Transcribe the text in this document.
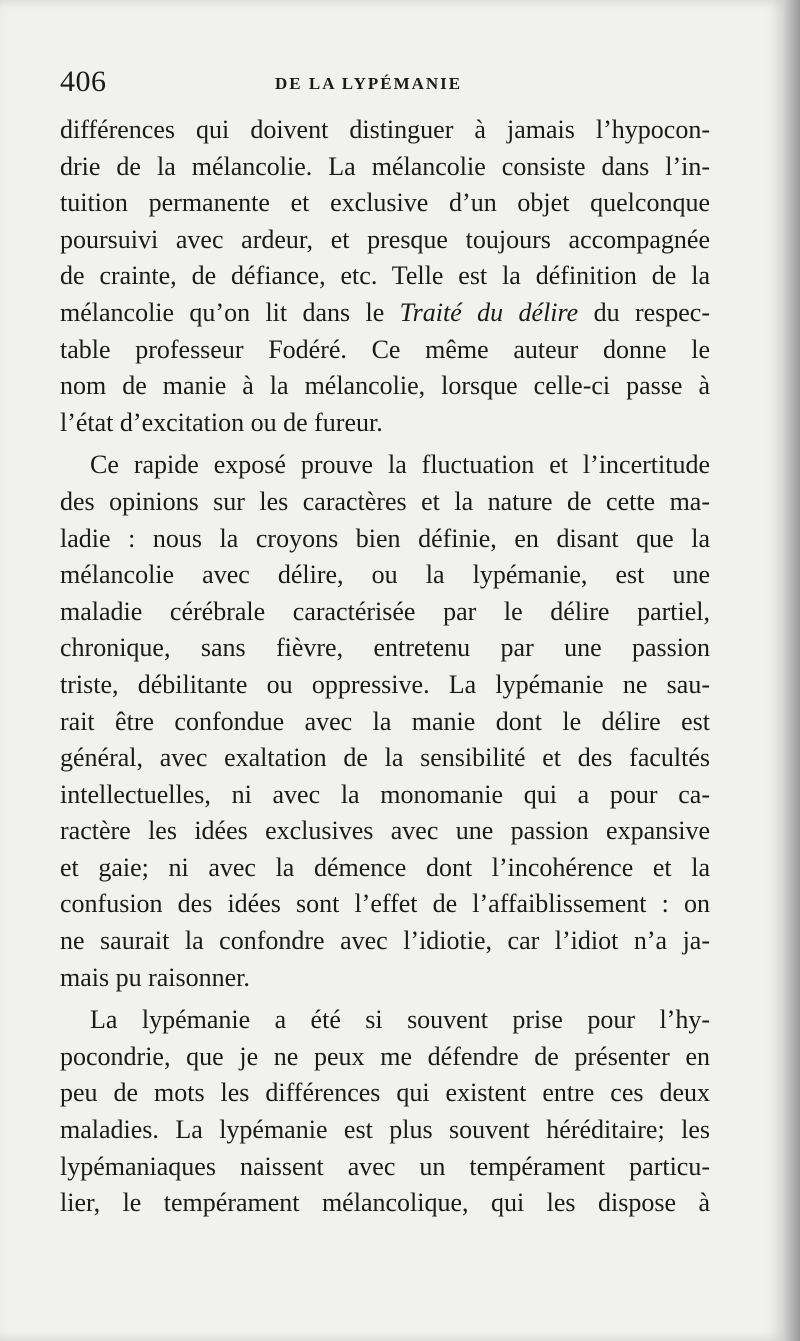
406	DE LA LYPÉMANIE
différences qui doivent distinguer à jamais l’hypocon-
drie de la mélancolie. La mélancolie consiste dans l’in-
tuition permanente et exclusive d’un objet quelconque
poursuivi avec ardeur, et presque toujours accompagnée
de crainte, de défiance, etc. Telle est la définition de la
mélancolie qu’on lit dans le Traité du délire du respec-
table professeur Fodéré. Ce même auteur donne le
nom de manie à la mélancolie, lorsque celle-ci passe à
l’état d’excitation ou de fureur.
Ce rapide exposé prouve la fluctuation et l’incertitude
des opinions sur les caractères et la nature de cette ma-
ladie : nous la croyons bien définie, en disant que la
mélancolie avec délire, ou la lypémanie, est une
maladie cérébrale caractérisée par le délire partiel,
chronique, sans fièvre, entretenu par une passion
triste, débilitante ou oppressive. La lypémanie ne sau-
rait être confondue avec la manie dont le délire est
général, avec exaltation de la sensibilité et des facultés
intellectuelles, ni avec la monomanie qui a pour ca-
ractère les idées exclusives avec une passion expansive
et gaie; ni avec la démence dont l’incohérence et la
confusion des idées sont l’effet de l’affaiblissement : on
ne saurait la confondre avec l’idiotie, car l’idiot n’a ja-
mais pu raisonner.
La lypémanie a été si souvent prise pour l’hy-
pocondrie, que je ne peux me défendre de présenter en
peu de mots les différences qui existent entre ces deux
maladies. La lypémanie est plus souvent héréditaire; les
lypémaniaques naissent avec un tempérament particu-
lier, le tempérament mélancolique, qui les dispose à
